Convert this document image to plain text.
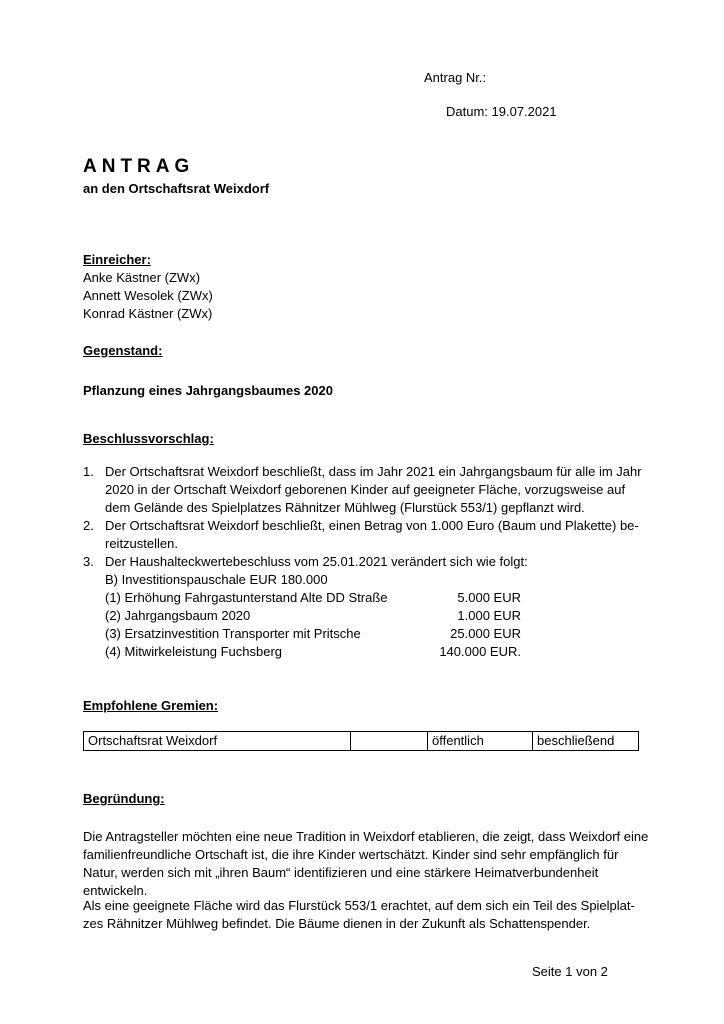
Antrag Nr.:
Datum: 19.07.2021
ANTRAG
an den Ortschaftsrat Weixdorf
Einreicher:
Anke Kästner (ZWx)
Annett Wesolek (ZWx)
Konrad Kästner (ZWx)
Gegenstand:
Pflanzung eines Jahrgangsbaumes 2020
Beschlussvorschlag:
1. Der Ortschaftsrat Weixdorf beschließt, dass im Jahr 2021 ein Jahrgangsbaum für alle im Jahr 2020 in der Ortschaft Weixdorf geborenen Kinder auf geeigneter Fläche, vorzugsweise auf dem Gelände des Spielplatzes Rähnitzer Mühlweg (Flurstück 553/1) gepflanzt wird.
2. Der Ortschaftsrat Weixdorf beschließt, einen Betrag von 1.000 Euro (Baum und Plakette) be- reitzustellen.
3. Der Haushalteckwertebeschluss vom 25.01.2021 verändert sich wie folgt:
B) Investitionspauschale EUR 180.000
(1) Erhöhung Fahrgastunterstand Alte DD Straße	5.000 EUR
(2) Jahrgangsbaum 2020	1.000 EUR
(3) Ersatzinvestition Transporter mit Pritsche	25.000 EUR
(4) Mitwirkeleistung Fuchsberg	140.000 EUR.
Empfohlene Gremien:
Ortschaftsrat Weixdorf		öffentlich	beschließend
Begründung:
Die Antragsteller möchten eine neue Tradition in Weixdorf etablieren, die zeigt, dass Weixdorf eine familienfreundliche Ortschaft ist, die ihre Kinder wertschätzt. Kinder sind sehr empfänglich für Natur, werden sich mit „ihren Baum“ identifizieren und eine stärkere Heimatverbundenheit entwickeln.
Als eine geeignete Fläche wird das Flurstück 553/1 erachtet, auf dem sich ein Teil des Spielplat- zes Rähnitzer Mühlweg befindet. Die Bäume dienen in der Zukunft als Schattenspender.
Seite 1 von 2
